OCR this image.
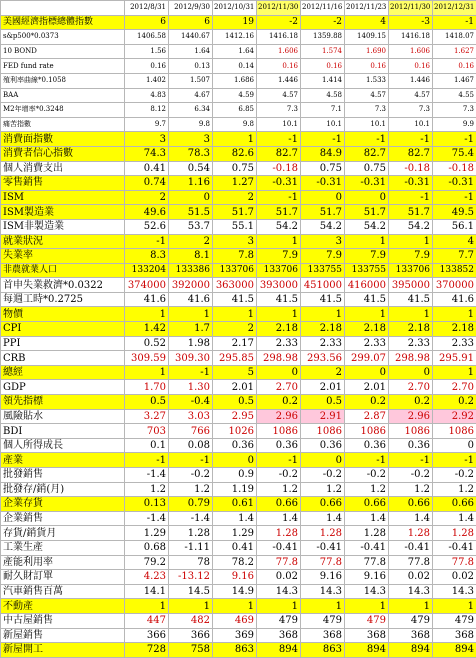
	2012/8/31	2012/9/30	2012/10/31	2012/11/30	2012/11/16	2012/11/23	2012/11/30	2012/12/31
美國經濟指標總體指數	6	6	19	-2	-2	4	-3	-1
s&p500*0.0373	1406.58	1440.67	1412.16	1416.18	1359.88	1409.15	1416.18	1418.07
10 BOND	1.56	1.64	1.64	1.606	1.574	1.690	1.606	1.627
FED fund rate	0.16	0.13	0.14	0.16	0.16	0.16	0.16	0.16
殖利率曲線*0.1058	1.402	1.507	1.686	1.446	1.414	1.533	1.446	1.467
BAA	4.83	4.67	4.59	4.57	4.58	4.57	4.57	4.55
M2年增率*0.3248	8.12	6.34	6.85	7.3	7.1	7.3	7.3	7.3
痛苦指數	9.7	9.8	9.8	10.1	10.1	10.1	10.1	9.9
消費面指數	3	3	1	-1	-1	-1	-1	-1
消費者信心指數	74.3	78.3	82.6	82.7	84.9	82.7	82.7	75.4
個人消費支出	0.41	0.54	0.75	-0.18	0.75	0.75	-0.18	-0.18
零售銷售	0.74	1.16	1.27	-0.31	-0.31	-0.31	-0.31	-0.31
ISM	2	0	2	-1	0	0	-1	-1
ISM製造業	49.6	51.5	51.7	51.7	51.7	51.7	51.7	49.5
ISM非製造業	52.6	53.7	55.1	54.2	54.2	54.2	54.2	56.1
就業狀況	-1	2	3	1	3	1	1	4
失業率	8.3	8.1	7.8	7.9	7.9	7.9	7.9	7.7
非農就業人口	133204	133386	133706	133706	133755	133755	133706	133852
首申失業救濟*0.0322	374000	392000	363000	393000	451000	416000	395000	370000
每週工時*0.2725	41.6	41.6	41.5	41.5	41.5	41.5	41.5	41.6
物價	1	1	1	1	1	1	1	1
CPI	1.42	1.7	2	2.18	2.18	2.18	2.18	2.18
PPI	0.52	1.98	2.17	2.33	2.33	2.33	2.33	2.33
CRB	309.59	309.30	295.85	298.98	293.56	299.07	298.98	295.91
總經	1	-1	5	0	2	0	0	1
GDP	1.70	1.30	2.01	2.70	2.01	2.01	2.70	2.70
領先指標	0.5	-0.4	0.5	0.2	0.5	0.2	0.2	0.2
風險貼水	3.27	3.03	2.95	2.96	2.91	2.87	2.96	2.92
BDI	703	766	1026	1086	1086	1086	1086	1086
個人所得成長	0.1	0.08	0.36	0.36	0.36	0.36	0.36	0
產業	-1	-1	0	-1	0	-1	-1	-1
批發銷售	-1.4	-0.2	0.9	-0.2	-0.2	-0.2	-0.2	-0.2
批發存/銷(月)	1.2	1.2	1.19	1.2	1.2	1.2	1.2	1.2
企業存貨	0.13	0.79	0.61	0.66	0.66	0.66	0.66	0.66
企業銷售	-1.4	-1.4	1.4	1.4	1.4	1.4	1.4	1.4
存貨/銷貨月	1.29	1.28	1.29	1.28	1.28	1.28	1.28	1.28
工業生產	0.68	-1.11	0.41	-0.41	-0.41	-0.41	-0.41	-0.41
產能利用率	79.2	78	78.2	77.8	77.8	77.8	77.8	77.8
耐久財訂單	4.23	-13.12	9.16	0.02	9.16	9.16	0.02	0.02
汽車銷售百萬	14.1	14.5	14.9	14.3	14.3	14.3	14.3	14.3
不動產	1	1	1	1	1	1	1	1
中古屋銷售	447	482	469	479	479	479	479	479
新屋銷售	366	366	369	368	368	368	368	368
新屋開工	728	758	863	894	863	894	894	894
